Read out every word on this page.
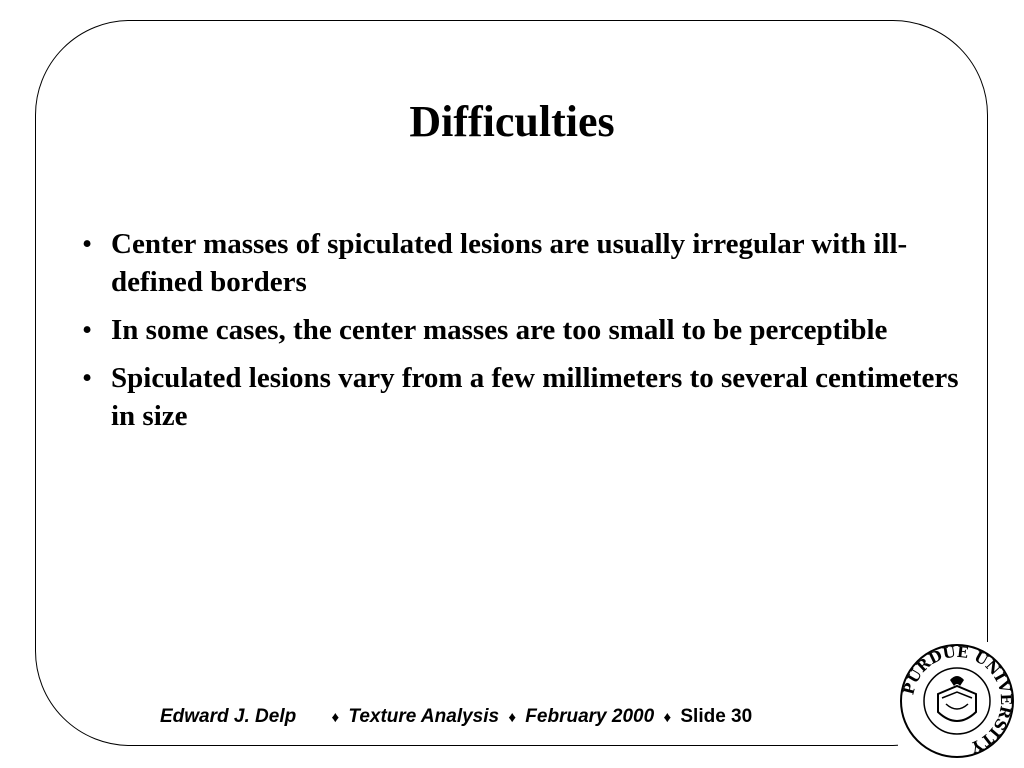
Difficulties
• Center masses of spiculated lesions are usually irregular with ill-defined borders
• In some cases, the center masses are too small to be perceptible
• Spiculated lesions vary from a few millimeters to several centimeters in size
Edward J. Delp ♦ Texture Analysis ♦ February 2000 ♦ Slide 30
PURDUE UNIVERSITY
